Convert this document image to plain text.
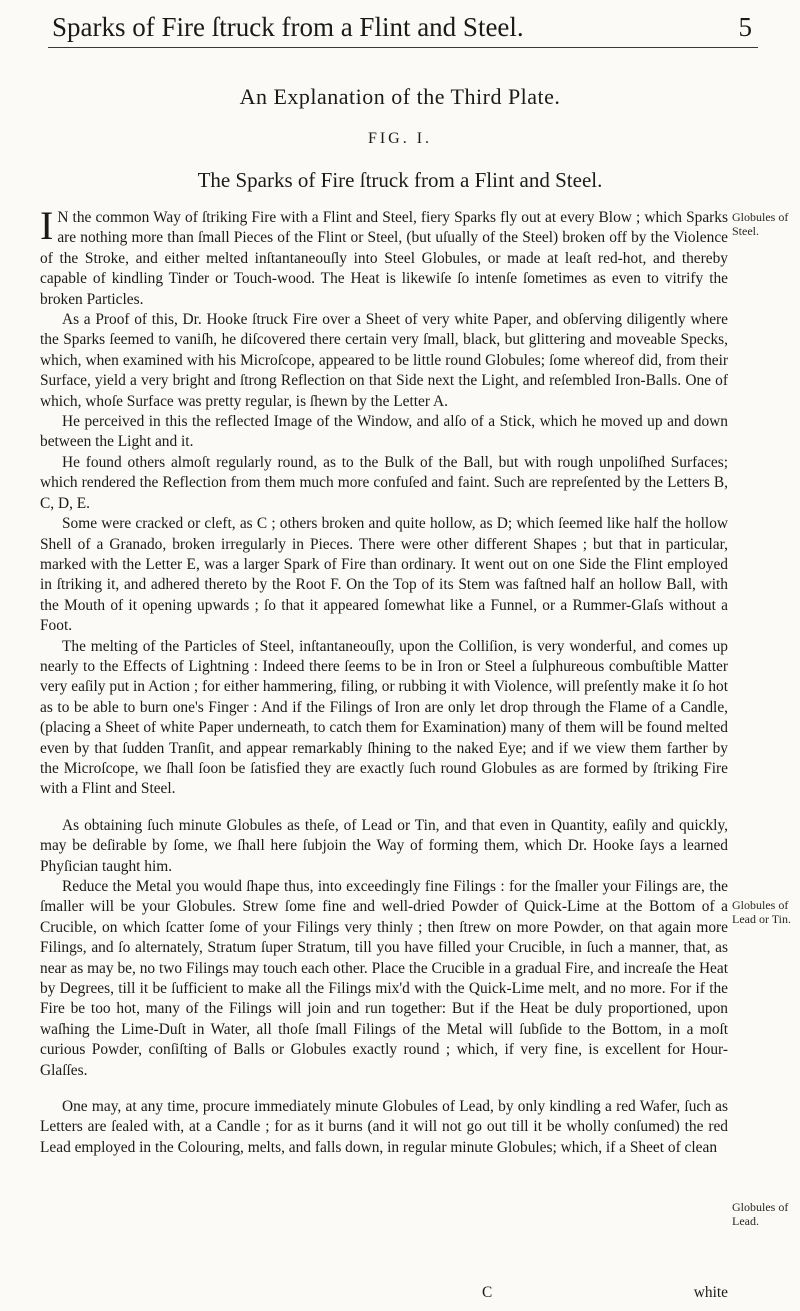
Sparks of Fire ſtruck from a Flint and Steel.	5
An Explanation of the Third Plate.
FIG. I.
The Sparks of Fire ſtruck from a Flint and Steel.

IN the common Way of ſtriking Fire with a Flint and Steel, fiery Sparks fly out at every Blow ; which Sparks are nothing more than ſmall Pieces of the Flint or Steel, (but uſually of the Steel) broken off by the Violence of the Stroke, and either melted inſtantaneouſly into Steel Globules, or made at leaſt red-hot, and thereby capable of kindling Tinder or Touch-wood. The Heat is likewiſe ſo intenſe ſometimes as even to vitrify the broken Particles.

As a Proof of this, Dr. Hooke ſtruck Fire over a Sheet of very white Paper, and obſerving diligently where the Sparks ſeemed to vaniſh, he diſcovered there certain very ſmall, black, but glittering and moveable Specks, which, when examined with his Microſcope, appeared to be little round Globules; ſome whereof did, from their Surface, yield a very bright and ſtrong Reflection on that Side next the Light, and reſembled Iron-Balls. One of which, whoſe Surface was pretty regular, is ſhewn by the Letter A.

He perceived in this the reflected Image of the Window, and alſo of a Stick, which he moved up and down between the Light and it.

He found others almoſt regularly round, as to the Bulk of the Ball, but with rough unpoliſhed Surfaces; which rendered the Reflection from them much more confuſed and faint. Such are repreſented by the Letters B, C, D, E.

Some were cracked or cleft, as C ; others broken and quite hollow, as D; which ſeemed like half the hollow Shell of a Granado, broken irregularly in Pieces. There were other different Shapes ; but that in particular, marked with the Letter E, was a larger Spark of Fire than ordinary. It went out on one Side the Flint employed in ſtriking it, and adhered thereto by the Root F. On the Top of its Stem was faſtned half an hollow Ball, with the Mouth of it opening upwards ; ſo that it appeared ſomewhat like a Funnel, or a Rummer-Glaſs without a Foot.

The melting of the Particles of Steel, inſtantaneouſly, upon the Colliſion, is very wonderful, and comes up nearly to the Effects of Lightning : Indeed there ſeems to be in Iron or Steel a ſulphureous combuſtible Matter very eaſily put in Action ; for either hammering, filing, or rubbing it with Violence, will preſently make it ſo hot as to be able to burn one's Finger : And if the Filings of Iron are only let drop through the Flame of a Candle, (placing a Sheet of white Paper underneath, to catch them for Examination) many of them will be found melted even by that ſudden Tranſit, and appear remarkably ſhining to the naked Eye; and if we view them farther by the Microſcope, we ſhall ſoon be ſatisfied they are exactly ſuch round Globules as are formed by ſtriking Fire with a Flint and Steel.

As obtaining ſuch minute Globules as theſe, of Lead or Tin, and that even in Quantity, eaſily and quickly, may be deſirable by ſome, we ſhall here ſubjoin the Way of forming them, which Dr. Hooke ſays a learned Phyſician taught him.

Reduce the Metal you would ſhape thus, into exceedingly fine Filings : for the ſmaller your Filings are, the ſmaller will be your Globules. Strew ſome fine and well-dried Powder of Quick-Lime at the Bottom of a Crucible, on which ſcatter ſome of your Filings very thinly ; then ſtrew on more Powder, on that again more Filings, and ſo alternately, Stratum ſuper Stratum, till you have filled your Crucible, in ſuch a manner, that, as near as may be, no two Filings may touch each other. Place the Crucible in a gradual Fire, and increaſe the Heat by Degrees, till it be ſufficient to make all the Filings mix'd with the Quick-Lime melt, and no more. For if the Fire be too hot, many of the Filings will join and run together: But if the Heat be duly proportioned, upon waſhing the Lime-Duſt in Water, all thoſe ſmall Filings of the Metal will ſubſide to the Bottom, in a moſt curious Powder, conſiſting of Balls or Globules exactly round ; which, if very fine, is excellent for Hour-Glaſſes.

One may, at any time, procure immediately minute Globules of Lead, by only kindling a red Wafer, ſuch as Letters are ſealed with, at a Candle ; for as it burns (and it will not go out till it be wholly conſumed) the red Lead employed in the Colouring, melts, and falls down, in regular minute Globules; which, if a Sheet of clean

Globules of Steel.
Globules of Lead or Tin.
Globules of Lead.
C	white
